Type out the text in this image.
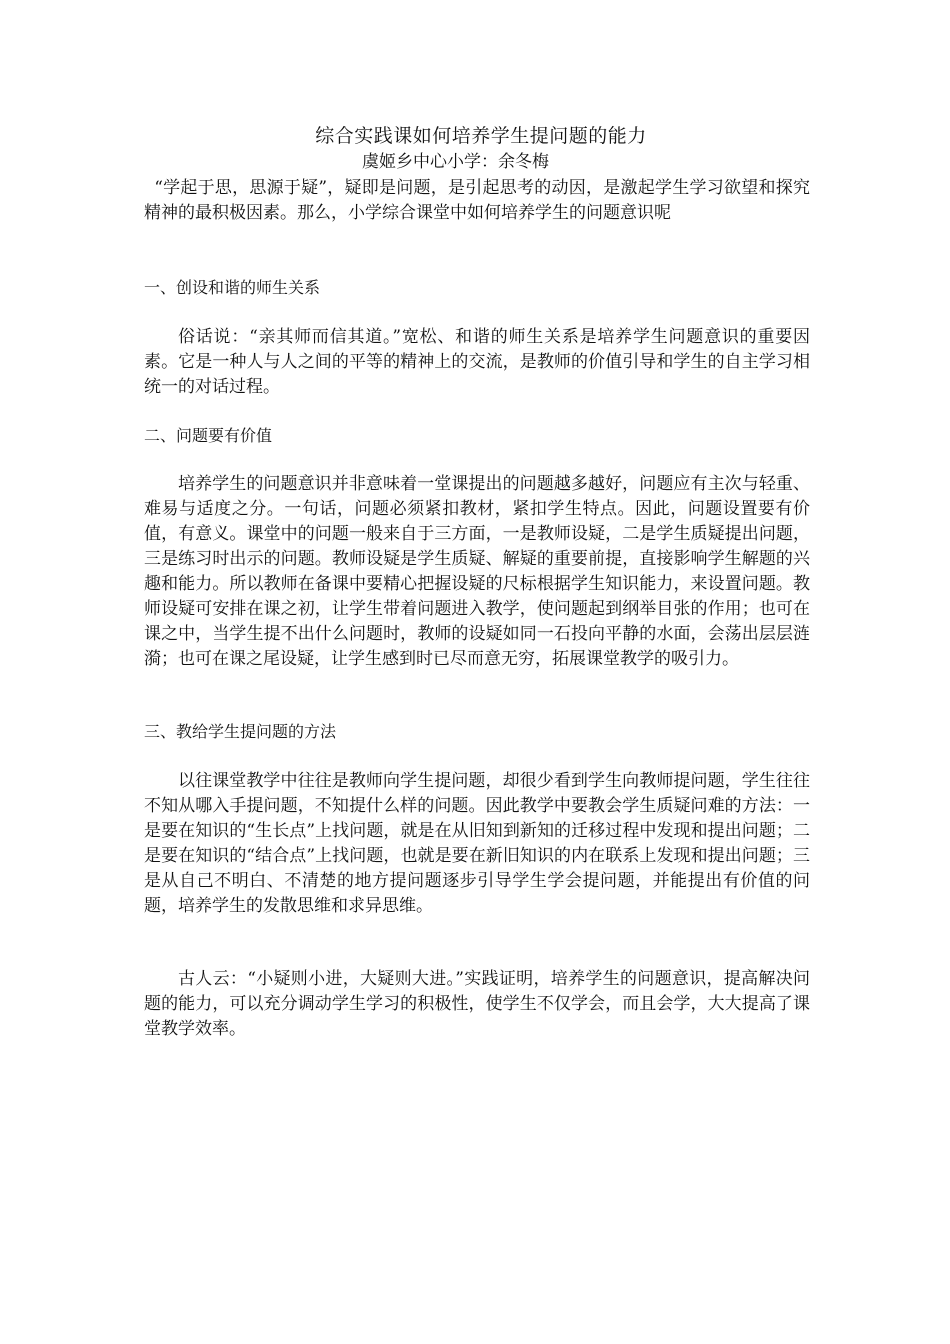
综合实践课如何培养学生提问题的能力
虞姬乡中心小学：余冬梅

“学起于思，思源于疑”，疑即是问题，是引起思考的动因，是激起学生学习欲望和探究精神的最积极因素。那么，小学综合课堂中如何培养学生的问题意识呢

一、创设和谐的师生关系

俗话说：“亲其师而信其道。”宽松、和谐的师生关系是培养学生问题意识的重要因素。它是一种人与人之间的平等的精神上的交流，是教师的价值引导和学生的自主学习相统一的对话过程。

二、问题要有价值

培养学生的问题意识并非意味着一堂课提出的问题越多越好，问题应有主次与轻重、难易与适度之分。一句话，问题必须紧扣教材，紧扣学生特点。因此，问题设置要有价值，有意义。课堂中的问题一般来自于三方面，一是教师设疑，二是学生质疑提出问题，三是练习时出示的问题。教师设疑是学生质疑、解疑的重要前提，直接影响学生解题的兴趣和能力。所以教师在备课中要精心把握设疑的尺标根据学生知识能力，来设置问题。教师设疑可安排在课之初，让学生带着问题进入教学，使问题起到纲举目张的作用；也可在课之中，当学生提不出什么问题时，教师的设疑如同一石投向平静的水面，会荡出层层涟漪；也可在课之尾设疑，让学生感到时已尽而意无穷，拓展课堂教学的吸引力。

三、教给学生提问题的方法

以往课堂教学中往往是教师向学生提问题，却很少看到学生向教师提问题，学生往往不知从哪入手提问题，不知提什么样的问题。因此教学中要教会学生质疑问难的方法：一是要在知识的“生长点”上找问题，就是在从旧知到新知的迁移过程中发现和提出问题；二是要在知识的“结合点”上找问题，也就是要在新旧知识的内在联系上发现和提出问题；三是从自己不明白、不清楚的地方提问题逐步引导学生学会提问题，并能提出有价值的问题，培养学生的发散思维和求异思维。

古人云：“小疑则小进，大疑则大进。”实践证明，培养学生的问题意识，提高解决问题的能力，可以充分调动学生学习的积极性，使学生不仅学会，而且会学，大大提高了课堂教学效率。
